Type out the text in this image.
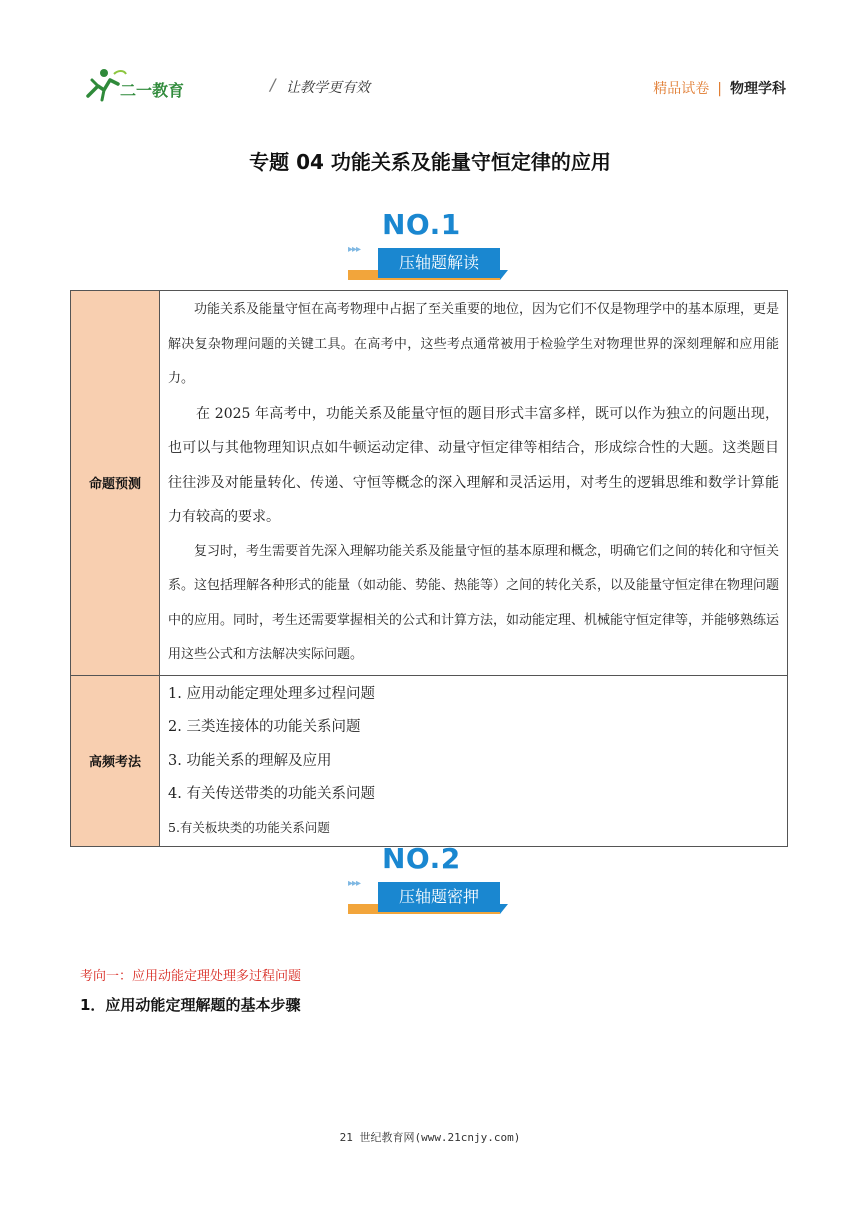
二一教育	/ 让教学更有效	精品试卷 | 物理学科
专题 04 功能关系及能量守恒定律的应用
NO.1
▸▸▸
压轴题解读
命题预测	功能关系及能量守恒在高考物理中占据了至关重要的地位，因为它们不仅是物理学中的基本原理，更是解决复杂物理问题的关键工具。在高考中，这些考点通常被用于检验学生对物理世界的深刻理解和应用能力。

在 2025 年高考中，功能关系及能量守恒的题目形式丰富多样，既可以作为独立的问题出现，也可以与其他物理知识点如牛顿运动定律、动量守恒定律等相结合，形成综合性的大题。这类题目往往涉及对能量转化、传递、守恒等概念的深入理解和灵活运用，对考生的逻辑思维和数学计算能力有较高的要求。

复习时，考生需要首先深入理解功能关系及能量守恒的基本原理和概念，明确它们之间的转化和守恒关系。这包括理解各种形式的能量（如动能、势能、热能等）之间的转化关系，以及能量守恒定律在物理问题中的应用。同时，考生还需要掌握相关的公式和计算方法，如动能定理、机械能守恒定律等，并能够熟练运用这些公式和方法解决实际问题。

高频考法	1. 应用动能定理处理多过程问题

2. 三类连接体的功能关系问题

3. 功能关系的理解及应用

4. 有关传送带类的功能关系问题

5.有关板块类的功能关系问题

NO.2
▸▸▸
压轴题密押
考向一：应用动能定理处理多过程问题
1．应用动能定理解题的基本步骤
21 世纪教育网(www.21cnjy.com)
